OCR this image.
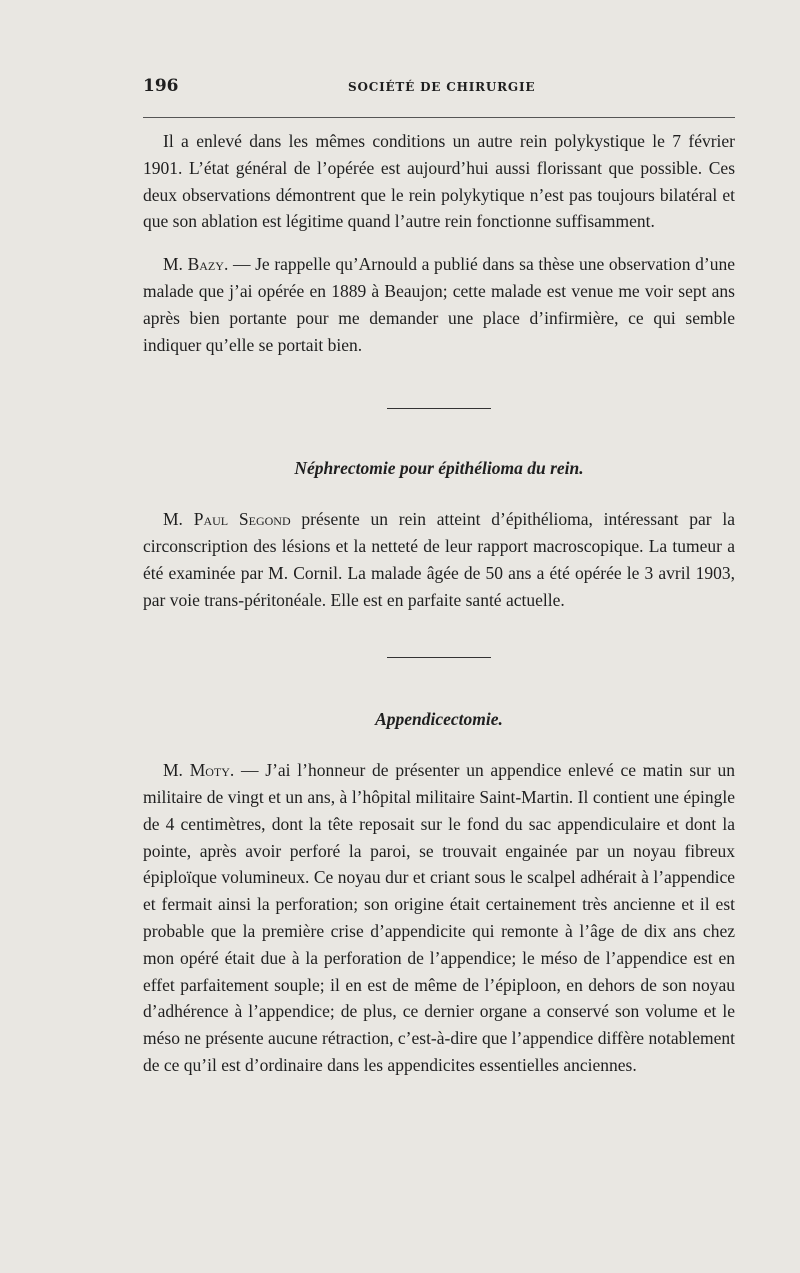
196	SOCIÉTÉ DE CHIRURGIE

Il a enlevé dans les mêmes conditions un autre rein polykystique le 7 février 1901. L’état général de l’opérée est aujourd’hui aussi florissant que possible. Ces deux observations démontrent que le rein polykytique n’est pas toujours bilatéral et que son ablation est légitime quand l’autre rein fonctionne suffisamment.

M. Bazy. — Je rappelle qu’Arnould a publié dans sa thèse une observation d’une malade que j’ai opérée en 1889 à Beaujon; cette malade est venue me voir sept ans après bien portante pour me demander une place d’infirmière, ce qui semble indiquer qu’elle se portait bien.

Néphrectomie pour épithélioma du rein.

M. Paul Segond présente un rein atteint d’épithélioma, intéressant par la circonscription des lésions et la netteté de leur rapport macroscopique. La tumeur a été examinée par M. Cornil. La malade âgée de 50 ans a été opérée le 3 avril 1903, par voie trans-péritonéale. Elle est en parfaite santé actuelle.

Appendicectomie.

M. Moty. — J’ai l’honneur de présenter un appendice enlevé ce matin sur un militaire de vingt et un ans, à l’hôpital militaire Saint-Martin. Il contient une épingle de 4 centimètres, dont la tête reposait sur le fond du sac appendiculaire et dont la pointe, après avoir perforé la paroi, se trouvait engainée par un noyau fibreux épiploïque volumineux. Ce noyau dur et criant sous le scalpel adhérait à l’appendice et fermait ainsi la perforation; son origine était certainement très ancienne et il est probable que la première crise d’appendicite qui remonte à l’âge de dix ans chez mon opéré était due à la perforation de l’appendice; le méso de l’appendice est en effet parfaitement souple; il en est de même de l’épiploon, en dehors de son noyau d’adhérence à l’appendice; de plus, ce dernier organe a conservé son volume et le méso ne présente aucune rétraction, c’est-à-dire que l’appendice diffère notablement de ce qu’il est d’ordinaire dans les appendicites essentielles anciennes.
